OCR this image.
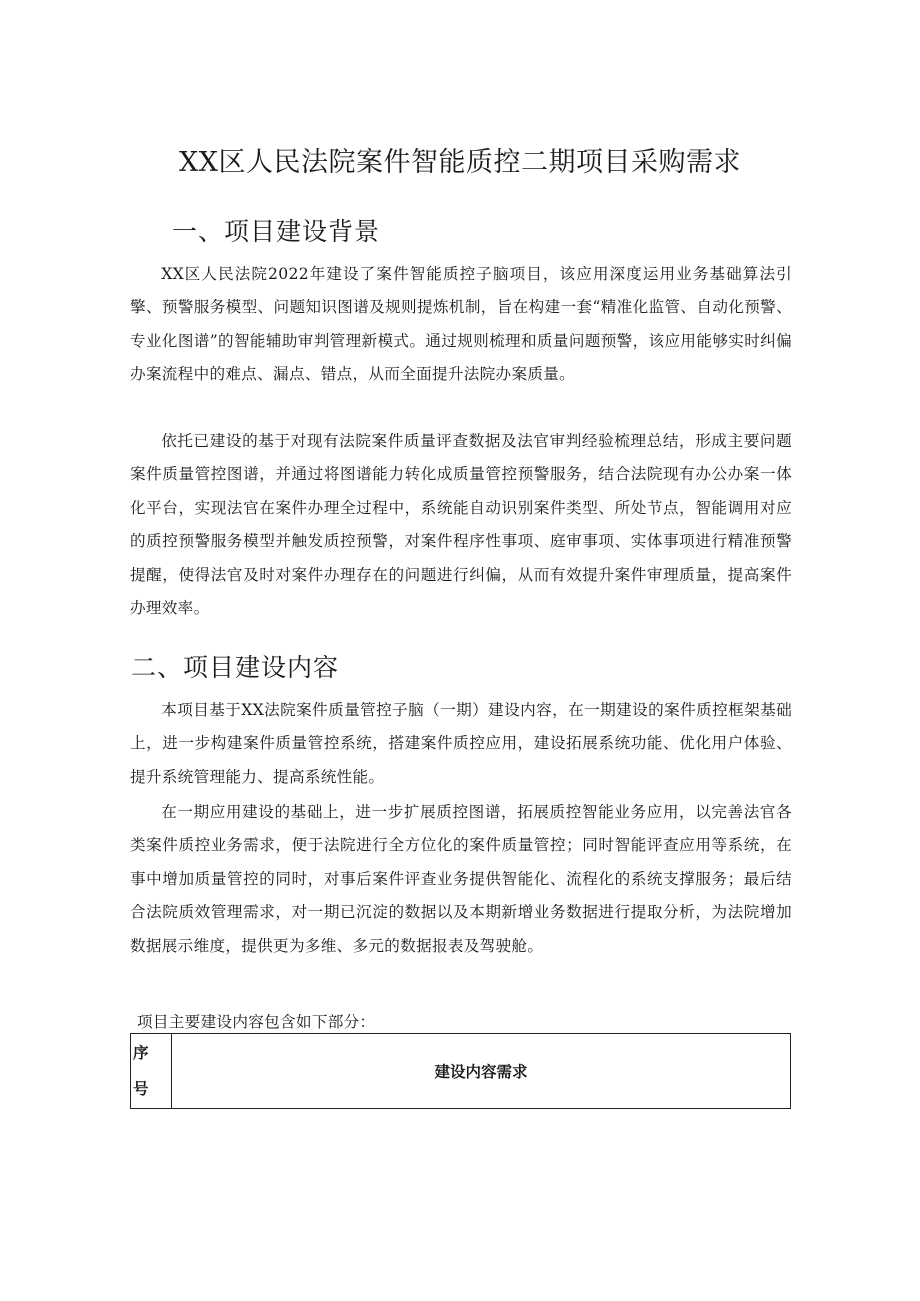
XX区人民法院案件智能质控二期项目采购需求
一、项目建设背景

XX区人民法院2022年建设了案件智能质控子脑项目，该应用深度运用业务基础算法引擎、预警服务模型、问题知识图谱及规则提炼机制，旨在构建一套“精准化监管、自动化预警、专业化图谱”的智能辅助审判管理新模式。通过规则梳理和质量问题预警，该应用能够实时纠偏办案流程中的难点、漏点、错点，从而全面提升法院办案质量。

依托已建设的基于对现有法院案件质量评查数据及法官审判经验梳理总结，形成主要问题案件质量管控图谱，并通过将图谱能力转化成质量管控预警服务，结合法院现有办公办案一体化平台，实现法官在案件办理全过程中，系统能自动识别案件类型、所处节点，智能调用对应的质控预警服务模型并触发质控预警，对案件程序性事项、庭审事项、实体事项进行精准预警提醒，使得法官及时对案件办理存在的问题进行纠偏，从而有效提升案件审理质量，提高案件办理效率。

二、项目建设内容

本项目基于XX法院案件质量管控子脑（一期）建设内容，在一期建设的案件质控框架基础上，进一步构建案件质量管控系统，搭建案件质控应用，建设拓展系统功能、优化用户体验、提升系统管理能力、提高系统性能。

在一期应用建设的基础上，进一步扩展质控图谱，拓展质控智能业务应用，以完善法官各类案件质控业务需求，便于法院进行全方位化的案件质量管控；同时智能评查应用等系统，在事中增加质量管控的同时，对事后案件评查业务提供智能化、流程化的系统支撑服务；最后结合法院质效管理需求，对一期已沉淀的数据以及本期新增业务数据进行提取分析，为法院增加数据展示维度，提供更为多维、多元的数据报表及驾驶舱。

项目主要建设内容包含如下部分：
序
号	建设内容需求
